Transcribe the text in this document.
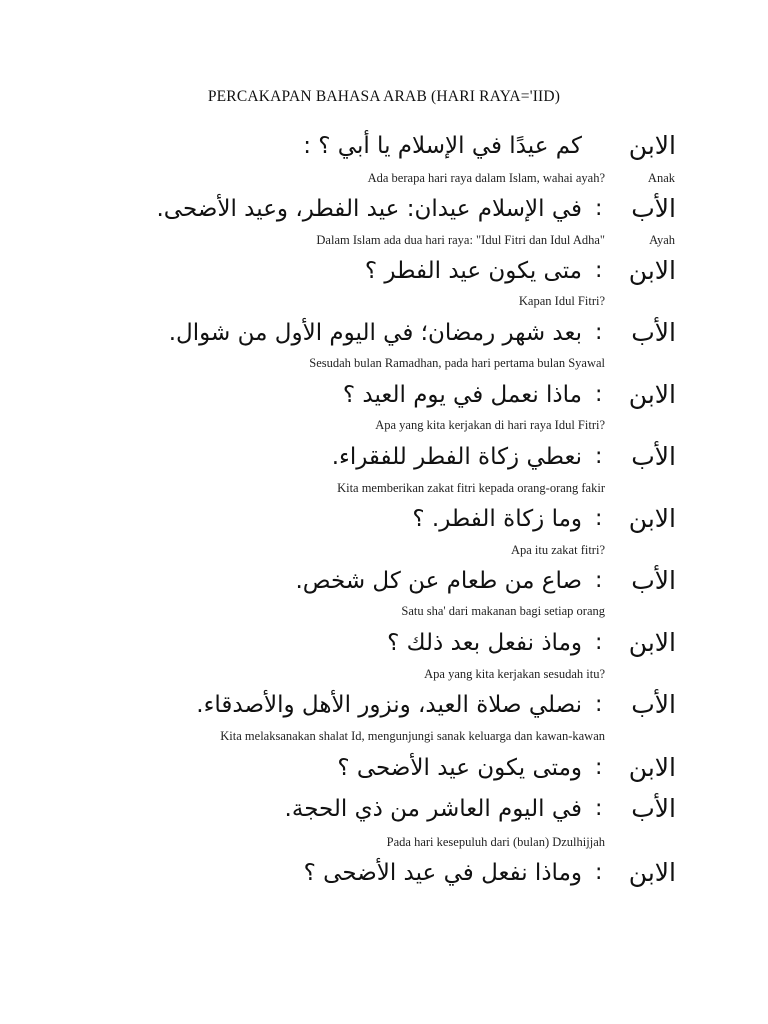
PERCAKAPAN BAHASA ARAB (HARI RAYA='IID)
الابن
كم عيدًا في الإسلام يا أبي ؟ :
Ada berapa hari raya dalam Islam, wahai ayah?	Anak
الأب
:
في الإسلام عيدان: عيد الفطر، وعيد الأضحى.
Dalam Islam ada dua hari raya: "Idul Fitri dan Idul Adha"	Ayah
الابن
:
متى يكون عيد الفطر ؟
Kapan Idul Fitri?
الأب
:
بعد شهر رمضان؛ في اليوم الأول من شوال.
Sesudah bulan Ramadhan, pada hari pertama bulan Syawal
الابن
:
ماذا نعمل في يوم العيد ؟
Apa yang kita kerjakan di hari raya Idul Fitri?
الأب
:
نعطي زكاة الفطر للفقراء.
Kita memberikan zakat fitri kepada orang-orang fakir
الابن
:
وما زكاة الفطر. ؟
Apa itu zakat fitri?
الأب
:
صاع من طعام عن كل شخص.
Satu sha' dari makanan bagi setiap orang
الابن
:
وماذ نفعل بعد ذلك ؟
Apa yang kita kerjakan sesudah itu?
الأب
:
نصلي صلاة العيد، ونزور الأهل والأصدقاء.
Kita melaksanakan shalat Id, mengunjungi sanak keluarga dan kawan-kawan
الابن
:
ومتى يكون عيد الأضحى ؟
الأب
:
في اليوم العاشر من ذي الحجة.
Pada hari kesepuluh dari (bulan) Dzulhijjah
الابن
:
وماذا نفعل في عيد الأضحى ؟
